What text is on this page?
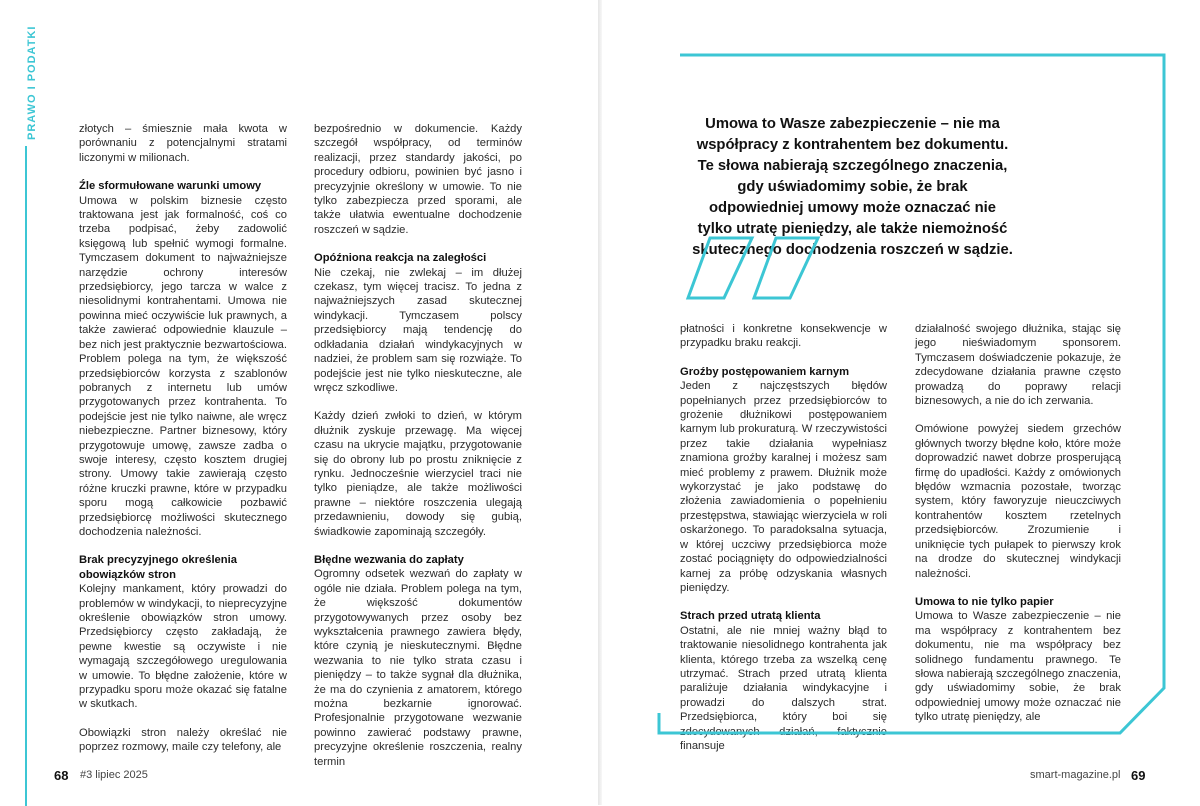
PRAWO I PODATKI	złotych – śmiesznie mała kwota w porównaniu z potencjalnymi stratami liczonymi w milionach.

Źle sformułowane warunki umowy

Umowa w polskim biznesie często traktowana jest jak formalność, coś co trzeba podpisać, żeby zadowolić księgową lub spełnić wymogi formalne. Tymczasem dokument to najważniejsze narzędzie ochrony interesów przedsiębiorcy, jego tarcza w walce z niesolidnymi kontrahentami. Umowa nie powinna mieć oczywiście luk prawnych, a także zawierać odpowiednie klauzule – bez nich jest praktycznie bezwartościowa. Problem polega na tym, że większość przedsiębiorców korzysta z szablonów pobranych z internetu lub umów przygotowanych przez kontrahenta. To podejście jest nie tylko naiwne, ale wręcz niebezpieczne. Partner biznesowy, który przygotowuje umowę, zawsze zadba o swoje interesy, często kosztem drugiej strony. Umowy takie zawierają często różne kruczki prawne, które w przypadku sporu mogą całkowicie pozbawić przedsiębiorcę możliwości skutecznego dochodzenia należności.

Brak precyzyjnego określenia obowiązków stron

Kolejny mankament, który prowadzi do problemów w windykacji, to nieprecyzyjne określenie obowiązków stron umowy. Przedsiębiorcy często zakładają, że pewne kwestie są oczywiste i nie wymagają szczegółowego uregulowania w umowie. To błędne założenie, które w przypadku sporu może okazać się fatalne w skutkach.

Obowiązki stron należy określać nie poprzez rozmowy, maile czy telefony, ale

bezpośrednio w dokumencie. Każdy szczegół współpracy, od terminów realizacji, przez standardy jakości, po procedury odbioru, powinien być jasno i precyzyjnie określony w umowie. To nie tylko zabezpiecza przed sporami, ale także ułatwia ewentualne dochodzenie roszczeń w sądzie.

Opóźniona reakcja na zaległości

Nie czekaj, nie zwlekaj – im dłużej czekasz, tym więcej tracisz. To jedna z najważniejszych zasad skutecznej windykacji. Tymczasem polscy przedsiębiorcy mają tendencję do odkładania działań windykacyjnych w nadziei, że problem sam się rozwiąże. To podejście jest nie tylko nieskuteczne, ale wręcz szkodliwe.

Każdy dzień zwłoki to dzień, w którym dłużnik zyskuje przewagę. Ma więcej czasu na ukrycie majątku, przygotowanie się do obrony lub po prostu zniknięcie z rynku. Jednocześnie wierzyciel traci nie tylko pieniądze, ale także możliwości prawne – niektóre roszczenia ulegają przedawnieniu, dowody się gubią, świadkowie zapominają szczegóły.

Błędne wezwania do zapłaty

Ogromny odsetek wezwań do zapłaty w ogóle nie działa. Problem polega na tym, że większość dokumentów przygotowywanych przez osoby bez wykształcenia prawnego zawiera błędy, które czynią je nieskutecznymi. Błędne wezwania to nie tylko strata czasu i pieniędzy – to także sygnał dla dłużnika, że ma do czynienia z amatorem, którego można bezkarnie ignorować. Profesjonalnie przygotowane wezwanie powinno zawierać podstawy prawne, precyzyjne określenie roszczenia, realny termin

płatności i konkretne konsekwencje w przypadku braku reakcji.

Groźby postępowaniem karnym

Jeden z najczęstszych błędów popełnianych przez przedsiębiorców to grożenie dłużnikowi postępowaniem karnym lub prokuraturą. W rzeczywistości przez takie działania wypełniasz znamiona groźby karalnej i możesz sam mieć problemy z prawem. Dłużnik może wykorzystać je jako podstawę do złożenia zawiadomienia o popełnieniu przestępstwa, stawiając wierzyciela w roli oskarżonego. To paradoksalna sytuacja, w której uczciwy przedsiębiorca może zostać pociągnięty do odpowiedzialności karnej za próbę odzyskania własnych pieniędzy.

Strach przed utratą klienta

Ostatni, ale nie mniej ważny błąd to traktowanie niesolidnego kontrahenta jak klienta, którego trzeba za wszelką cenę utrzymać. Strach przed utratą klienta paraliżuje działania windykacyjne i prowadzi do dalszych strat. Przedsiębiorca, który boi się zdecydowanych działań, faktycznie finansuje

działalność swojego dłużnika, stając się jego nieświadomym sponsorem. Tymczasem doświadczenie pokazuje, że zdecydowane działania prawne często prowadzą do poprawy relacji biznesowych, a nie do ich zerwania.

Omówione powyżej siedem grzechów głównych tworzy błędne koło, które może doprowadzić nawet dobrze prosperującą firmę do upadłości. Każdy z omówionych błędów wzmacnia pozostałe, tworząc system, który faworyzuje nieuczciwych kontrahentów kosztem rzetelnych przedsiębiorców. Zrozumienie i uniknięcie tych pułapek to pierwszy krok na drodze do skutecznej windykacji należności.

Umowa to nie tylko papier

Umowa to Wasze zabezpieczenie – nie ma współpracy z kontrahentem bez dokumentu, nie ma współpracy bez solidnego fundamentu prawnego. Te słowa nabierają szczególnego znaczenia, gdy uświadomimy sobie, że brak odpowiedniej umowy może oznaczać nie tylko utratę pieniędzy, ale

Umowa to Wasze zabezpieczenie – nie ma współpracy z kontrahentem bez dokumentu. Te słowa nabierają szczególnego znaczenia, gdy uświadomimy sobie, że brak odpowiedniej umowy może oznaczać nie tylko utratę pieniędzy, ale także niemożność skutecznego dochodzenia roszczeń w sądzie.
68 #3 lipiec 2025	smart-magazine.pl 69
